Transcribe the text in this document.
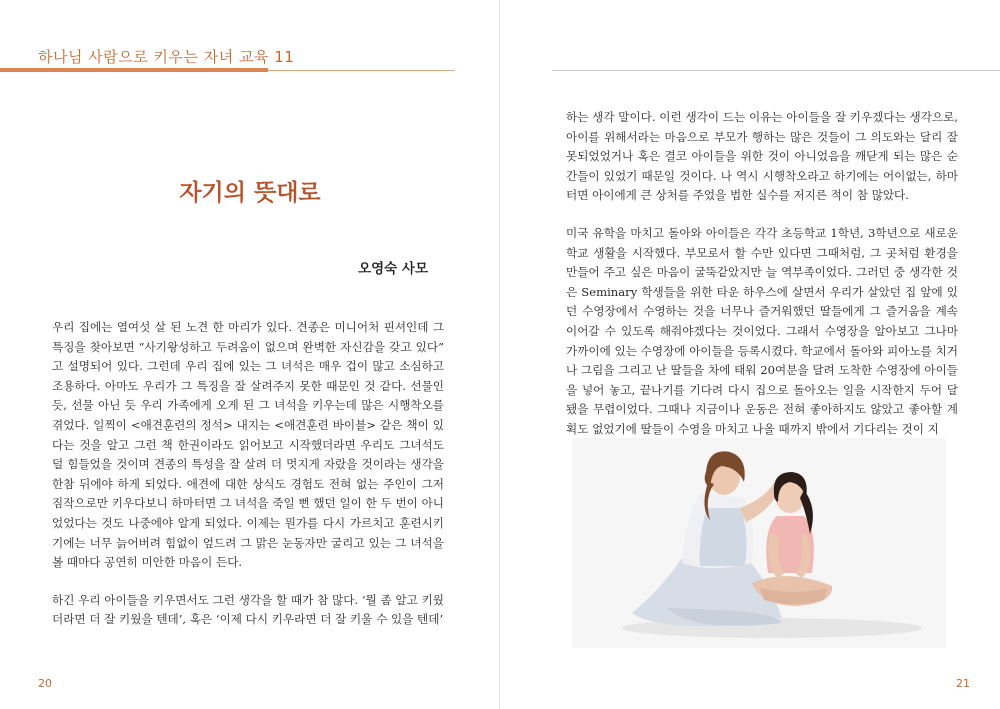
하나님 사람으로 키우는 자녀 교육 11
자기의 뜻대로
오영숙 사모

우리 집에는 열여섯 살 된 노견 한 마리가 있다. 견종은 미니어처 핀셔인데 그 특징을 찾아보면 “사기왕성하고 두려움이 없으며 완벽한 자신감을 갖고 있다” 고 설명되어 있다. 그런데 우리 집에 있는 그 녀석은 매우 겁이 많고 소심하고 조용하다. 아마도 우리가 그 특징을 잘 살려주지 못한 때문인 것 같다. 선물인 듯, 선물 아닌 듯 우리 가족에게 오게 된 그 녀석을 키우는데 많은 시행착오를 겪었다. 일찍이 <애견훈련의 정석> 내지는 <애견훈련 바이블> 같은 책이 있다는 것을 알고 그런 책 한권이라도 읽어보고 시작했더라면 우리도 그녀석도 덜 힘들었을 것이며 견종의 특성을 잘 살려 더 멋지게 자랐을 것이라는 생각을 한참 뒤에야 하게 되었다. 애견에 대한 상식도 경험도 전혀 없는 주인이 그저 짐작으로만 키우다보니 하마터면 그 녀석을 죽일 뻔 했던 일이 한 두 번이 아니었었다는 것도 나중에야 알게 되었다. 이제는 뭔가를 다시 가르치고 훈련시키기에는 너무 늙어버려 힘없이 엎드려 그 맑은 눈동자만 굴리고 있는 그 녀석을 볼 때마다 공연히 미안한 마음이 든다.

하긴 우리 아이들을 키우면서도 그런 생각을 할 때가 참 많다. ‘뭘 좀 알고 키웠더라면 더 잘 키웠을 텐데’, 혹은 ‘이제 다시 키우라면 더 잘 키울 수 있을 텐데’

20

하는 생각 말이다. 이런 생각이 드는 이유는 아이들을 잘 키우겠다는 생각으로, 아이를 위해서라는 마음으로 부모가 행하는 많은 것들이 그 의도와는 달리 잘못되었었거나 혹은 결코 아이들을 위한 것이 아니었음을 깨닫게 되는 많은 순간들이 있었기 때문일 것이다. 나 역시 시행착오라고 하기에는 어이없는, 하마터면 아이에게 큰 상처를 주었을 법한 실수를 저지른 적이 참 많았다.

미국 유학을 마치고 돌아와 아이들은 각각 초등학교 1학년, 3학년으로 새로운 학교 생활을 시작했다. 부모로서 할 수만 있다면 그때처럼, 그 곳처럼 환경을 만들어 주고 싶은 마음이 굴뚝같았지만 늘 역부족이었다. 그러던 중 생각한 것은 Seminary 학생들을 위한 타운 하우스에 살면서 우리가 살았던 집 앞에 있던 수영장에서 수영하는 것을 너무나 즐거워했던 딸들에게 그 즐거움을 계속 이어갈 수 있도록 해줘야겠다는 것이었다. 그래서 수영장을 알아보고 그나마 가까이에 있는 수영장에 아이들을 등록시켰다. 학교에서 돌아와 피아노를 치거나 그림을 그리고 난 딸들을 차에 태워 20여분을 달려 도착한 수영장에 아이들을 넣어 놓고, 끝나기를 기다려 다시 집으로 돌아오는 일을 시작한지 두어 달 됐을 무렵이었다. 그때나 지금이나 운동은 전혀 좋아하지도 않았고 좋아할 계획도 없었기에 딸들이 수영을 마치고 나올 때까지 밖에서 기다리는 것이 지

21
